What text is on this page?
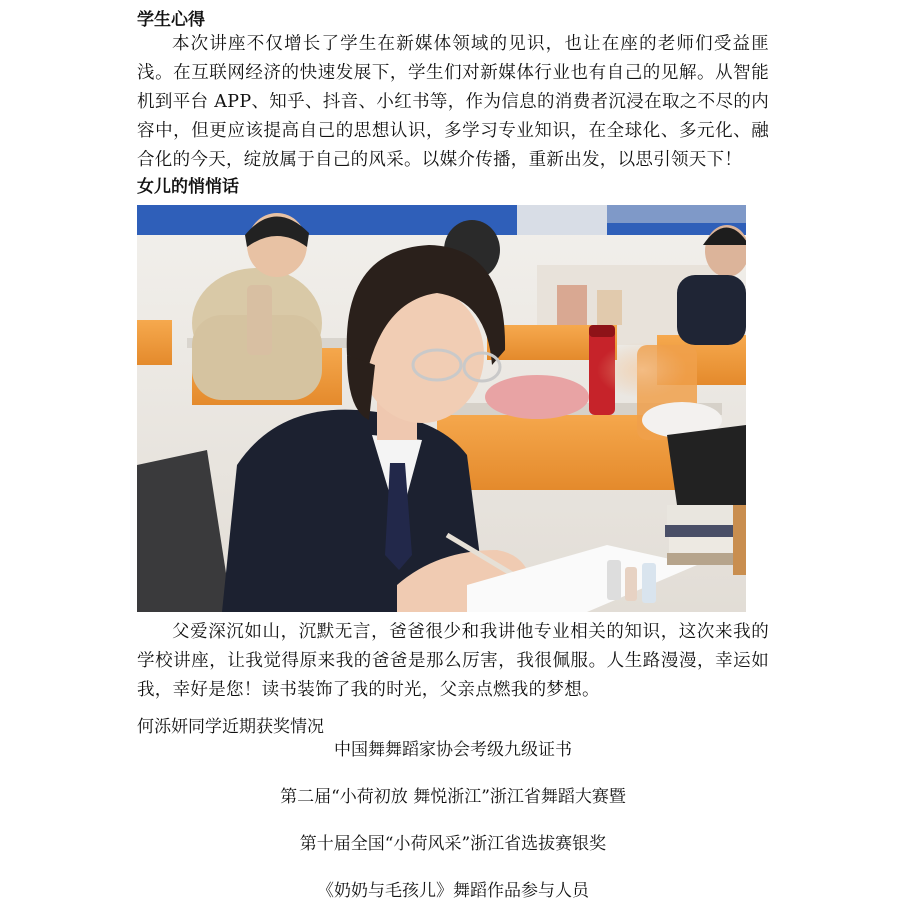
学生心得

本次讲座不仅增长了学生在新媒体领域的见识，也让在座的老师们受益匪浅。在互联网经济的快速发展下，学生们对新媒体行业也有自己的见解。从智能机到平台 APP、知乎、抖音、小红书等，作为信息的消费者沉浸在取之不尽的内容中，但更应该提高自己的思想认识，多学习专业知识，在全球化、多元化、融合化的今天，绽放属于自己的风采。以媒介传播，重新出发，以思引领天下！

女儿的悄悄话

父爱深沉如山，沉默无言，爸爸很少和我讲他专业相关的知识，这次来我的学校讲座，让我觉得原来我的爸爸是那么厉害，我很佩服。人生路漫漫，幸运如我，幸好是您！读书装饰了我的时光，父亲点燃我的梦想。

何泺妍同学近期获奖情况

中国舞舞蹈家协会考级九级证书

第二届“小荷初放 舞悦浙江”浙江省舞蹈大赛暨

第十届全国“小荷风采”浙江省选拔赛银奖

《奶奶与毛孩儿》舞蹈作品参与人员
